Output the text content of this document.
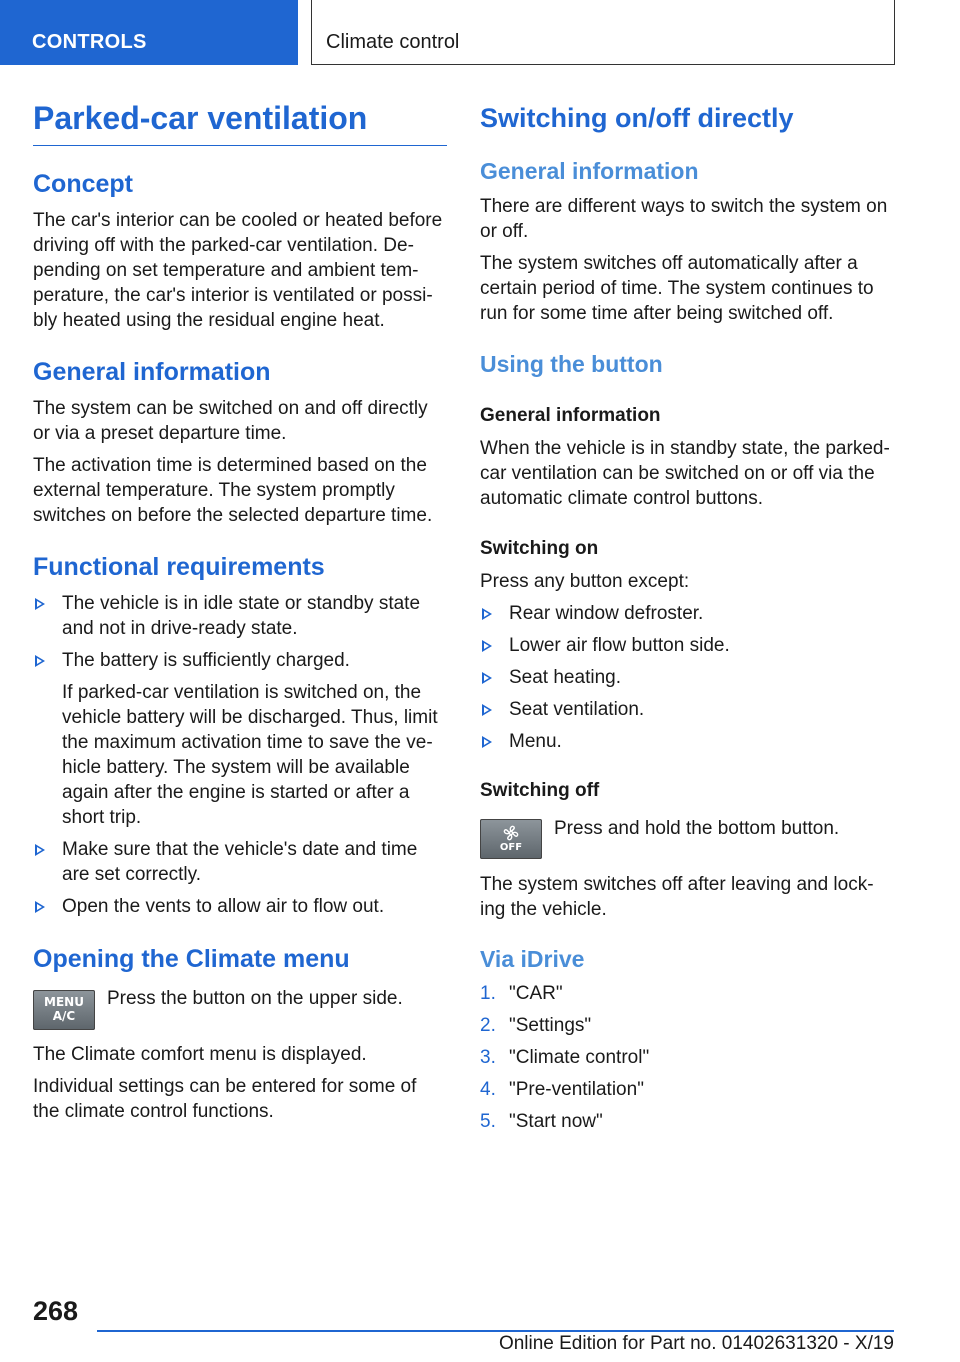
CONTROLS	Climate control
Parked-car ventilation
Concept

The car's interior can be cooled or heated before driving off with the parked-car ventilation. De- pending on set temperature and ambient tem- perature, the car's interior is ventilated or possi- bly heated using the residual engine heat.

General information

The system can be switched on and off directly or via a preset departure time.

The activation time is determined based on the external temperature. The system promptly switches on before the selected departure time.

Functional requirements
The vehicle is in idle state or standby state and not in drive-ready state.
The battery is sufficiently charged.
If parked-car ventilation is switched on, the vehicle battery will be discharged. Thus, limit the maximum activation time to save the ve- hicle battery. The system will be available again after the engine is started or after a short trip.
Make sure that the vehicle's date and time are set correctly.
Open the vents to allow air to flow out.
Opening the Climate menu
MENU
A/C

Press the button on the upper side.

The Climate comfort menu is displayed.

Individual settings can be entered for some of the climate control functions.

Switching on/off directly
General information

There are different ways to switch the system on or off.

The system switches off automatically after a certain period of time. The system continues to run for some time after being switched off.

Using the button
General information

When the vehicle is in standby state, the parked- car ventilation can be switched on or off via the automatic climate control buttons.

Switching on

Press any button except:

Rear window defroster.
Lower air flow button side.
Seat heating.
Seat ventilation.
Menu.
Switching off
OFF

Press and hold the bottom button.

The system switches off after leaving and lock- ing the vehicle.

Via iDrive
1. "CAR"
2. "Settings"
3. "Climate control"
4. "Pre-ventilation"
5. "Start now"
268
Online Edition for Part no. 01402631320 - X/19
